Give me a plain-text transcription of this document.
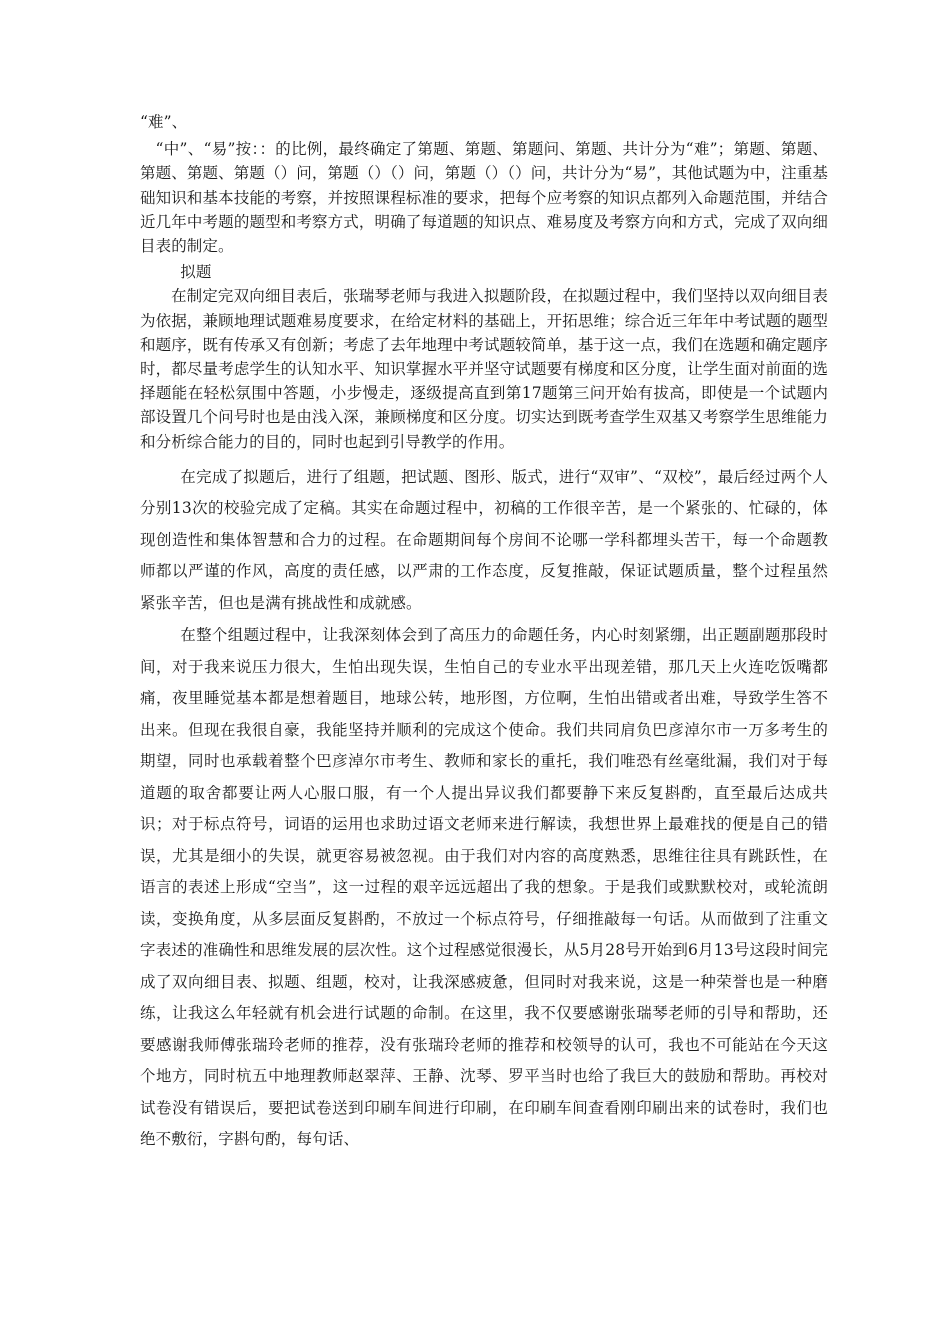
“难”、

“中”、“易”按：：的比例，最终确定了第题、第题、第题问、第题、共计分为“难”；第题、第题、第题、第题、第题（）问，第题（）（）问，第题（）（）问，共计分为“易”，其他试题为中，注重基础知识和基本技能的考察，并按照课程标准的要求，把每个应考察的知识点都列入命题范围，并结合近几年中考题的题型和考察方式，明确了每道题的知识点、难易度及考察方向和方式，完成了双向细目表的制定。

拟题

在制定完双向细目表后，张瑞琴老师与我进入拟题阶段，在拟题过程中，我们坚持以双向细目表为依据，兼顾地理试题难易度要求，在给定材料的基础上，开拓思维；综合近三年年中考试题的题型和题序，既有传承又有创新；考虑了去年地理中考试题较简单，基于这一点，我们在选题和确定题序时，都尽量考虑学生的认知水平、知识掌握水平并坚守试题要有梯度和区分度，让学生面对前面的选择题能在轻松氛围中答题，小步慢走，逐级提高直到第17题第三问开始有拔高，即使是一个试题内部设置几个问号时也是由浅入深，兼顾梯度和区分度。切实达到既考查学生双基又考察学生思维能力和分析综合能力的目的，同时也起到引导教学的作用。

在完成了拟题后，进行了组题，把试题、图形、版式，进行“双审”、“双校”，最后经过两个人分别13次的校验完成了定稿。其实在命题过程中，初稿的工作很辛苦，是一个紧张的、忙碌的，体现创造性和集体智慧和合力的过程。在命题期间每个房间不论哪一学科都埋头苦干，每一个命题教师都以严谨的作风，高度的责任感，以严肃的工作态度，反复推敲，保证试题质量，整个过程虽然紧张辛苦，但也是满有挑战性和成就感。

在整个组题过程中，让我深刻体会到了高压力的命题任务，内心时刻紧绷，出正题副题那段时间，对于我来说压力很大，生怕出现失误，生怕自己的专业水平出现差错，那几天上火连吃饭嘴都痛，夜里睡觉基本都是想着题目，地球公转，地形图，方位啊，生怕出错或者出难，导致学生答不出来。但现在我很自豪，我能坚持并顺利的完成这个使命。我们共同肩负巴彦淖尔市一万多考生的期望，同时也承载着整个巴彦淖尔市考生、教师和家长的重托，我们唯恐有丝毫纰漏，我们对于每道题的取舍都要让两人心服口服，有一个人提出异议我们都要静下来反复斟酌，直至最后达成共识；对于标点符号，词语的运用也求助过语文老师来进行解读，我想世界上最难找的便是自己的错误，尤其是细小的失误，就更容易被忽视。由于我们对内容的高度熟悉，思维往往具有跳跃性，在语言的表述上形成“空当”，这一过程的艰辛远远超出了我的想象。于是我们或默默校对，或轮流朗读，变换角度，从多层面反复斟酌，不放过一个标点符号，仔细推敲每一句话。从而做到了注重文字表述的准确性和思维发展的层次性。这个过程感觉很漫长，从5月28号开始到6月13号这段时间完成了双向细目表、拟题、组题，校对，让我深感疲惫，但同时对我来说，这是一种荣誉也是一种磨练，让我这么年轻就有机会进行试题的命制。在这里，我不仅要感谢张瑞琴老师的引导和帮助，还要感谢我师傅张瑞玲老师的推荐，没有张瑞玲老师的推荐和校领导的认可，我也不可能站在今天这个地方，同时杭五中地理教师赵翠萍、王静、沈琴、罗平当时也给了我巨大的鼓励和帮助。再校对试卷没有错误后，要把试卷送到印刷车间进行印刷，在印刷车间查看刚印刷出来的试卷时，我们也绝不敷衍，字斟句酌，每句话、
